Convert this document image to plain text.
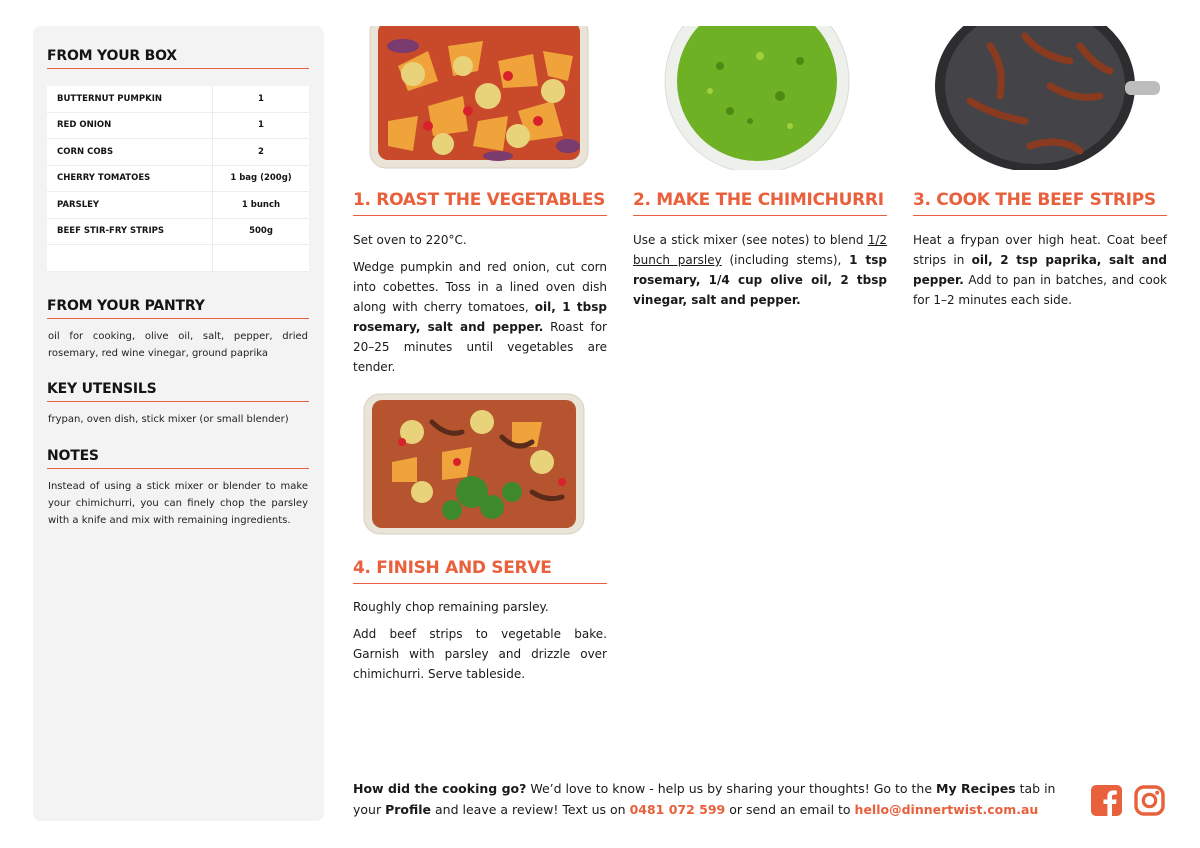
FROM YOUR BOX
BUTTERNUT PUMPKIN	1
RED ONION	1
CORN COBS	2
CHERRY TOMATOES	1 bag (200g)
PARSLEY	1 bunch
BEEF STIR-FRY STRIPS	500g

FROM YOUR PANTRY
oil for cooking, olive oil, salt, pepper, dried rosemary, red wine vinegar, ground paprika
KEY UTENSILS
frypan, oven dish, stick mixer (or small blender)
NOTES
Instead of using a stick mixer or blender to make your chimichurri, you can finely chop the parsley with a knife and mix with remaining ingredients.
1. ROAST THE VEGETABLES

Set oven to 220°C.

Wedge pumpkin and red onion, cut corn into cobettes. Toss in a lined oven dish along with cherry tomatoes, oil, 1 tbsp rosemary, salt and pepper. Roast for 20–25 minutes until vegetables are tender.

2. MAKE THE CHIMICHURRI

Use a stick mixer (see notes) to blend 1/2 bunch parsley (including stems), 1 tsp rosemary, 1/4 cup olive oil, 2 tbsp vinegar, salt and pepper.

3. COOK THE BEEF STRIPS

Heat a frypan over high heat. Coat beef strips in oil, 2 tsp paprika, salt and pepper. Add to pan in batches, and cook for 1–2 minutes each side.

4. FINISH AND SERVE

Roughly chop remaining parsley.

Add beef strips to vegetable bake. Garnish with parsley and drizzle over chimichurri. Serve tableside.

How did the cooking go? We’d love to know - help us by sharing your thoughts! Go to the My Recipes tab in your Profile and leave a review! Text us on 0481 072 599 or send an email to hello@dinnertwist.com.au
